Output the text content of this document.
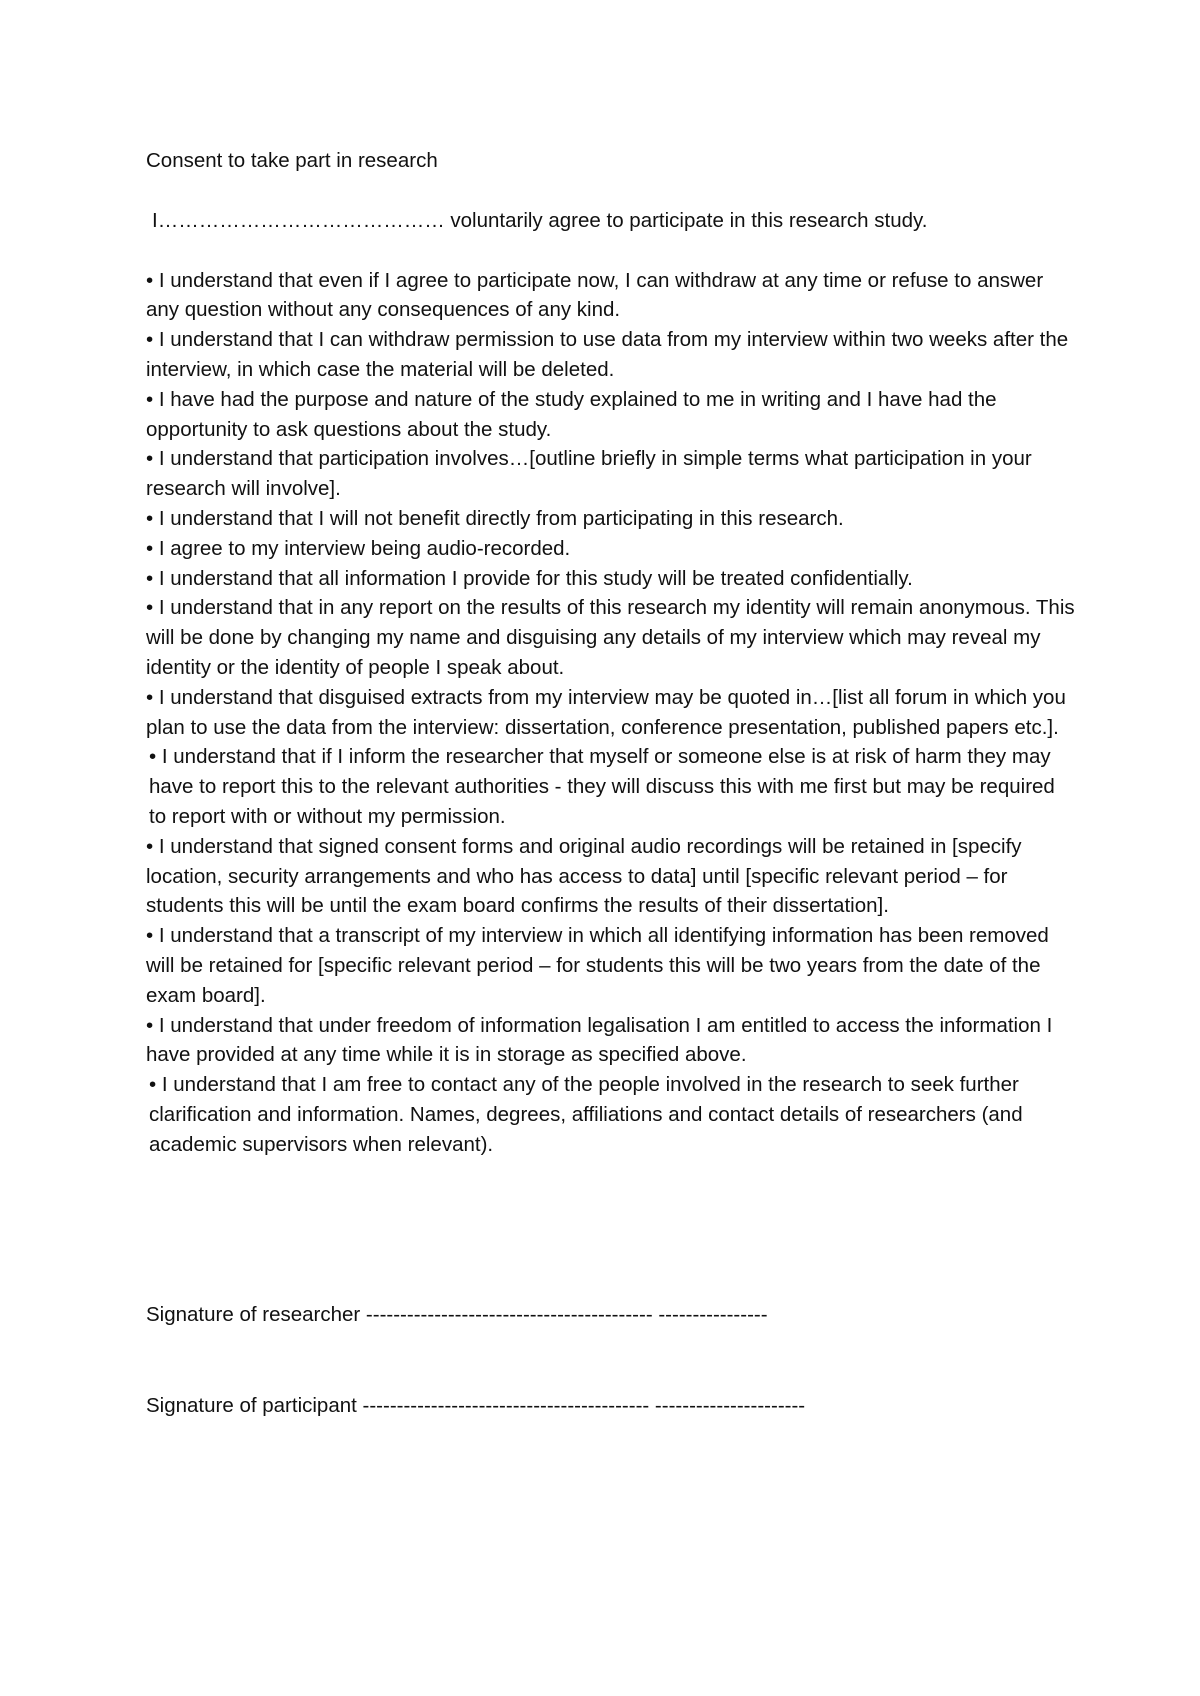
Consent to take part in research

I…………………………………… voluntarily agree to participate in this research study.

• I understand that even if I agree to participate now, I can withdraw at any time or refuse to answer any question without any consequences of any kind.
• I understand that I can withdraw permission to use data from my interview within two weeks after the interview, in which case the material will be deleted.
• I have had the purpose and nature of the study explained to me in writing and I have had the opportunity to ask questions about the study.
• I understand that participation involves…[outline briefly in simple terms what participation in your research will involve].
• I understand that I will not benefit directly from participating in this research.
• I agree to my interview being audio-recorded.
• I understand that all information I provide for this study will be treated confidentially.
• I understand that in any report on the results of this research my identity will remain anonymous. This will be done by changing my name and disguising any details of my interview which may reveal my identity or the identity of people I speak about.
• I understand that disguised extracts from my interview may be quoted in…[list all forum in which you plan to use the data from the interview: dissertation, conference presentation, published papers etc.].
• I understand that if I inform the researcher that myself or someone else is at risk of harm they may have to report this to the relevant authorities - they will discuss this with me first but may be required to report with or without my permission.
• I understand that signed consent forms and original audio recordings will be retained in [specify location, security arrangements and who has access to data] until [specific relevant period – for students this will be until the exam board confirms the results of their dissertation].
• I understand that a transcript of my interview in which all identifying information has been removed will be retained for [specific relevant period – for students this will be two years from the date of the exam board].
• I understand that under freedom of information legalisation I am entitled to access the information I have provided at any time while it is in storage as specified above.
• I understand that I am free to contact any of the people involved in the research to seek further clarification and information. Names, degrees, affiliations and contact details of researchers (and academic supervisors when relevant).
Signature of researcher ------------------------------------------ ----------------
Signature of participant ------------------------------------------ ----------------------
